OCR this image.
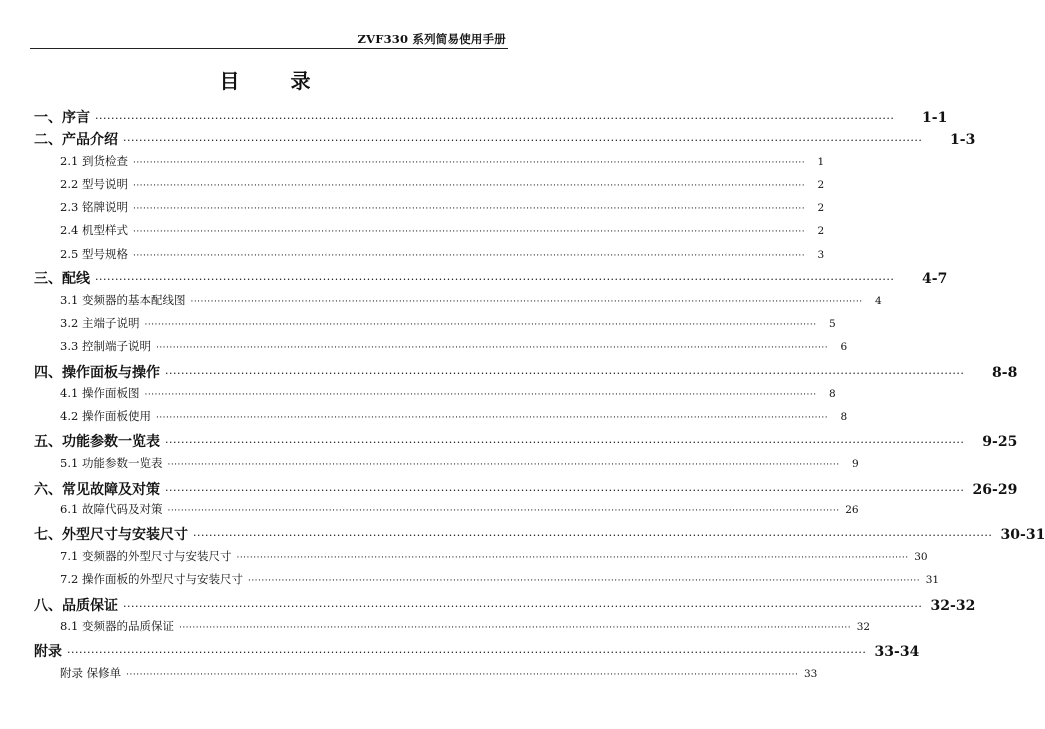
ZVF330 系列简易使用手册
目 录
一、序言 ········································································································································································································	1-1
二、产品介绍 ········································································································································································································	1-3
2.1 到货检查 ········································································································································································································	1
2.2 型号说明 ········································································································································································································	2
2.3 铭牌说明 ········································································································································································································	2
2.4 机型样式 ········································································································································································································	2
2.5 型号规格 ········································································································································································································	3
三、配线 ········································································································································································································	4-7
3.1 变频器的基本配线图 ········································································································································································································	4
3.2 主端子说明 ········································································································································································································	5
3.3 控制端子说明 ········································································································································································································	6
四、操作面板与操作 ········································································································································································································	8-8
4.1 操作面板图 ········································································································································································································	8
4.2 操作面板使用 ········································································································································································································	8
五、功能参数一览表 ········································································································································································································	9-25
5.1 功能参数一览表 ········································································································································································································	9
六、常见故障及对策 ········································································································································································································ 26-29
6.1 故障代码及对策 ········································································································································································································ 26
七、外型尺寸与安装尺寸 ········································································································································································································ 30-31
7.1 变频器的外型尺寸与安装尺寸 ········································································································································································································ 30
7.2 操作面板的外型尺寸与安装尺寸 ········································································································································································································ 31
八、品质保证 ········································································································································································································ 32-32
8.1 变频器的品质保证 ········································································································································································································ 32
附录 ········································································································································································································ 33-34
附录 保修单 ········································································································································································································ 33
